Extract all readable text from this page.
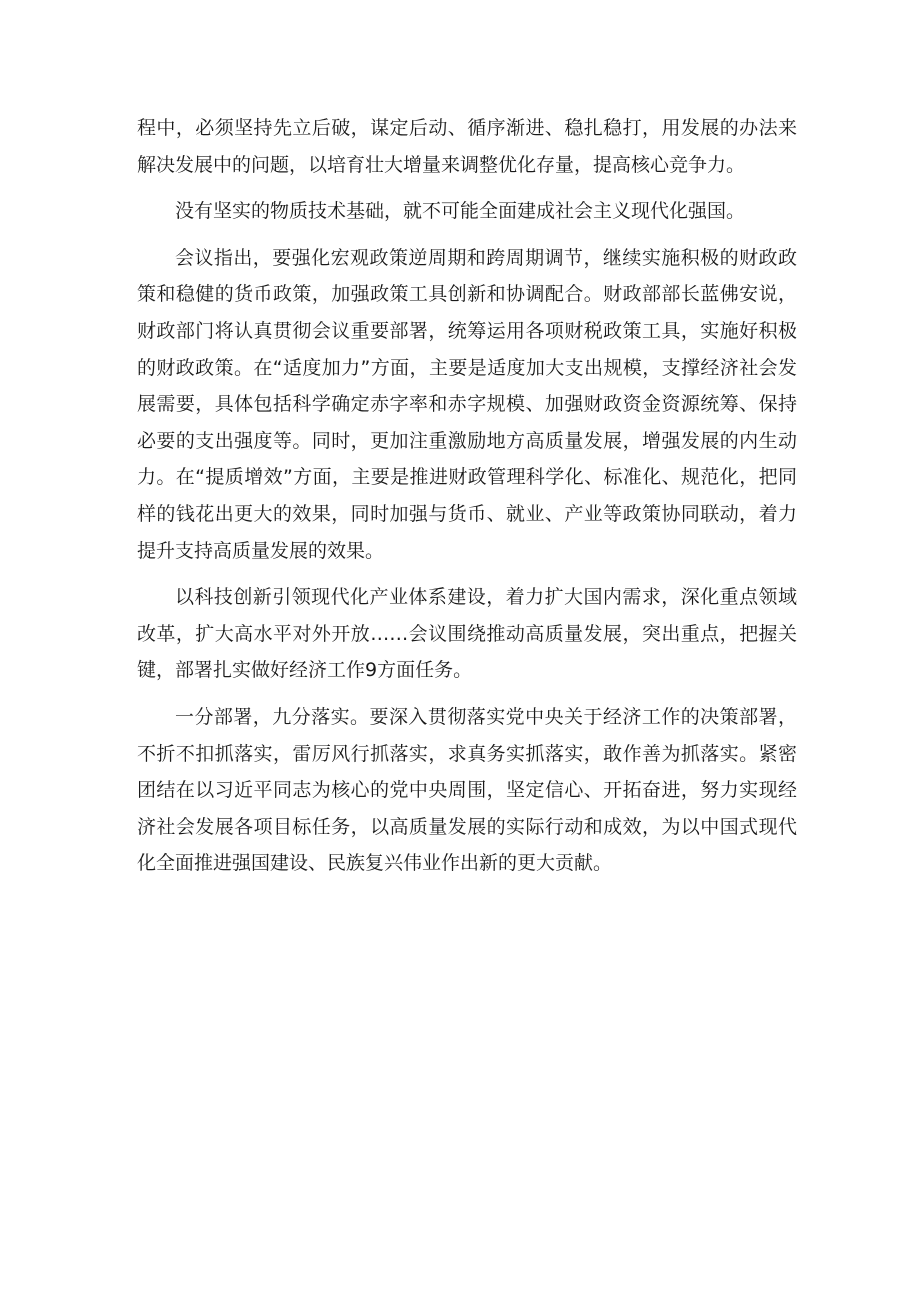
程中，必须坚持先立后破，谋定后动、循序渐进、稳扎稳打，用发展的办法来解决发展中的问题，以培育壮大增量来调整优化存量，提高核心竞争力。

没有坚实的物质技术基础，就不可能全面建成社会主义现代化强国。

会议指出，要强化宏观政策逆周期和跨周期调节，继续实施积极的财政政策和稳健的货币政策，加强政策工具创新和协调配合。财政部部长蓝佛安说，财政部门将认真贯彻会议重要部署，统筹运用各项财税政策工具，实施好积极的财政政策。在“适度加力”方面，主要是适度加大支出规模，支撑经济社会发展需要，具体包括科学确定赤字率和赤字规模、加强财政资金资源统筹、保持必要的支出强度等。同时，更加注重激励地方高质量发展，增强发展的内生动力。在“提质增效”方面，主要是推进财政管理科学化、标准化、规范化，把同样的钱花出更大的效果，同时加强与货币、就业、产业等政策协同联动，着力提升支持高质量发展的效果。

以科技创新引领现代化产业体系建设，着力扩大国内需求，深化重点领域改革，扩大高水平对外开放……会议围绕推动高质量发展，突出重点，把握关键，部署扎实做好经济工作9方面任务。

一分部署，九分落实。要深入贯彻落实党中央关于经济工作的决策部署，不折不扣抓落实，雷厉风行抓落实，求真务实抓落实，敢作善为抓落实。紧密团结在以习近平同志为核心的党中央周围，坚定信心、开拓奋进，努力实现经济社会发展各项目标任务，以高质量发展的实际行动和成效，为以中国式现代化全面推进强国建设、民族复兴伟业作出新的更大贡献。
